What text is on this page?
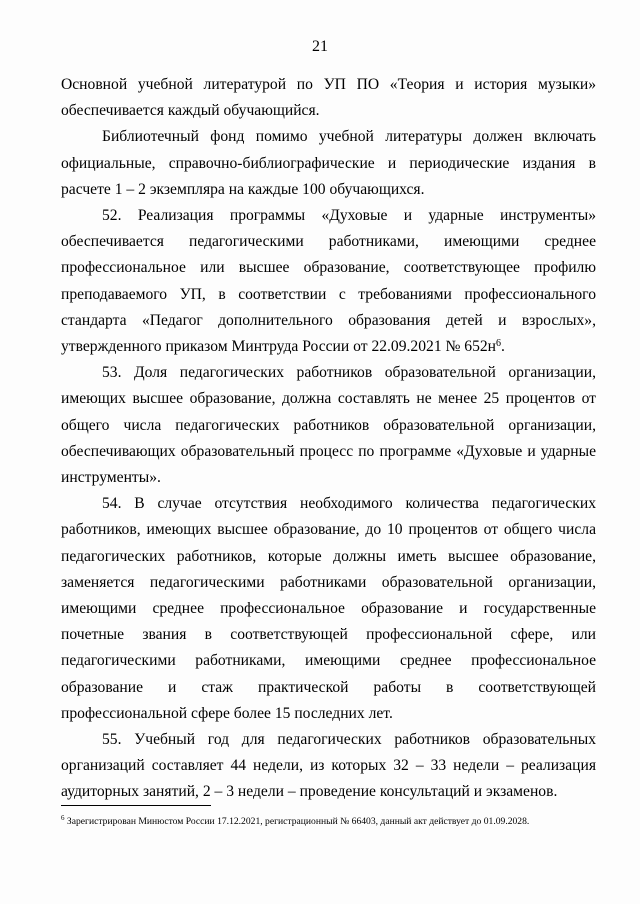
21

Основной учебной литературой по УП ПО «Теория и история музыки» обеспечивается каждый обучающийся.

Библиотечный фонд помимо учебной литературы должен включать официальные, справочно-библиографические и периодические издания в расчете 1 – 2 экземпляра на каждые 100 обучающихся.

52. Реализация программы «Духовые и ударные инструменты» обеспечивается педагогическими работниками, имеющими среднее профессиональное или высшее образование, соответствующее профилю преподаваемого УП, в соответствии с требованиями профессионального стандарта «Педагог дополнительного образования детей и взрослых», утвержденного приказом Минтруда России от 22.09.2021 № $652н^6$.

53. Доля педагогических работников образовательной организации, имеющих высшее образование, должна составлять не менее 25 процентов от общего числа педагогических работников образовательной организации, обеспечивающих образовательный процесс по программе «Духовые и ударные инструменты».

54. В случае отсутствия необходимого количества педагогических работников, имеющих высшее образование, до 10 процентов от общего числа педагогических работников, которые должны иметь высшее образование, заменяется педагогическими работниками образовательной организации, имеющими среднее профессиональное образование и государственные почетные звания в соответствующей профессиональной сфере, или педагогическими работниками, имеющими среднее профессиональное образование и стаж практической работы в соответствующей профессиональной сфере более 15 последних лет.

55. Учебный год для педагогических работников образовательных организаций составляет 44 недели, из которых 32 – 33 недели – реализация аудиторных занятий, 2 – 3 недели – проведение консультаций и экзаменов.

$^6$ Зарегистрирован Минюстом России 17.12.2021, регистрационный № 66403, данный акт действует до 01.09.2028.
